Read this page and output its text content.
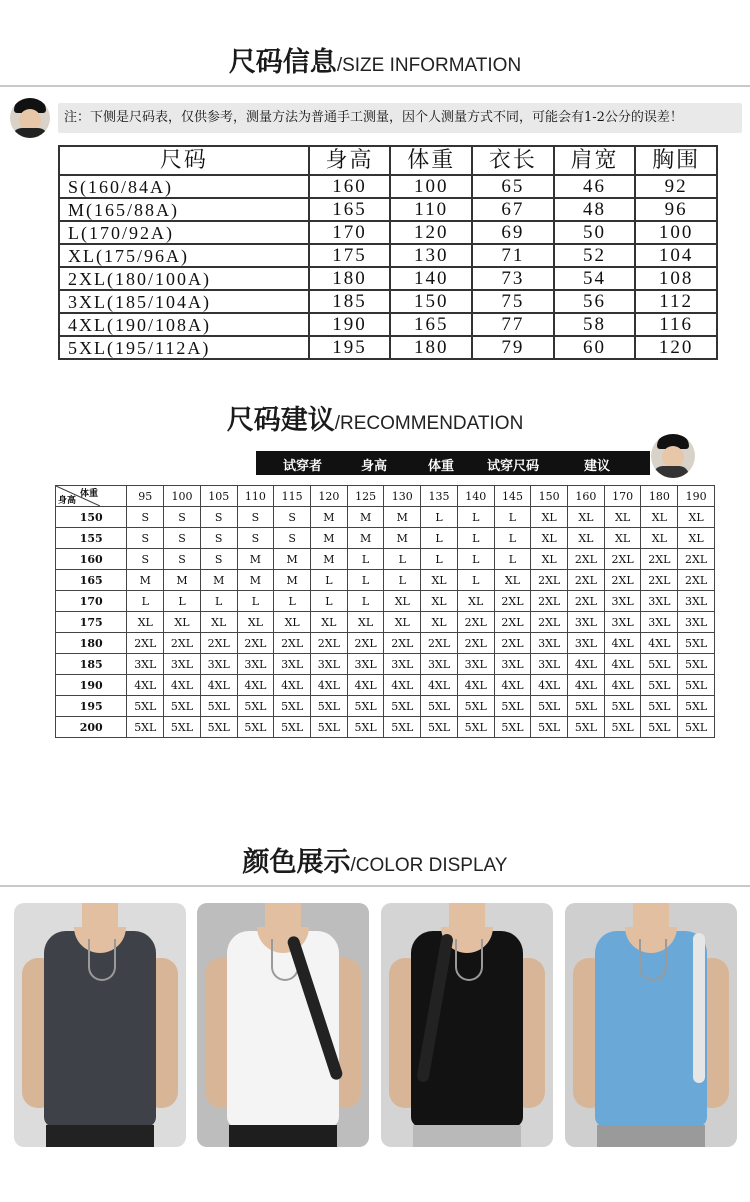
尺码信息/SIZE INFORMATION
注：下侧是尺码表，仅供参考，测量方法为普通手工测量，因个人测量方式不同，可能会有1-2公分的误差！
尺码	身高	体重	衣长	肩宽	胸围
S(160/84A)	160	100	65	46	92
M(165/88A)	165	110	67	48	96
L(170/92A)	170	120	69	50	100
XL(175/96A)	175	130	71	52	104
2XL(180/100A)	180	140	73	54	108
3XL(185/104A)	185	150	75	56	112
4XL(190/108A)	190	165	77	58	116
5XL(195/112A)	195	180	79	60	120
尺码建议/RECOMMENDATION
试穿者	身高	体重	试穿尺码	建议
体重
身高	95	100	105	110	115	120	125	130	135	140	145	150	160	170	180	190
150	S	S	S	S	S	M	M	M	L	L	L	XL	XL	XL	XL	XL
155	S	S	S	S	S	M	M	M	L	L	L	XL	XL	XL	XL	XL
160	S	S	S	M	M	M	L	L	L	L	L	XL	2XL	2XL	2XL	2XL
165	M	M	M	M	M	L	L	L	XL	L	XL	2XL	2XL	2XL	2XL	2XL
170	L	L	L	L	L	L	L	XL	XL	XL	2XL	2XL	2XL	3XL	3XL	3XL
175	XL	XL	XL	XL	XL	XL	XL	XL	XL	2XL	2XL	2XL	3XL	3XL	3XL	3XL
180	2XL	2XL	2XL	2XL	2XL	2XL	2XL	2XL	2XL	2XL	2XL	3XL	3XL	4XL	4XL	5XL
185	3XL	3XL	3XL	3XL	3XL	3XL	3XL	3XL	3XL	3XL	3XL	3XL	4XL	4XL	5XL	5XL
190	4XL	4XL	4XL	4XL	4XL	4XL	4XL	4XL	4XL	4XL	4XL	4XL	4XL	4XL	5XL	5XL
195	5XL	5XL	5XL	5XL	5XL	5XL	5XL	5XL	5XL	5XL	5XL	5XL	5XL	5XL	5XL	5XL
200	5XL	5XL	5XL	5XL	5XL	5XL	5XL	5XL	5XL	5XL	5XL	5XL	5XL	5XL	5XL	5XL
颜色展示/COLOR DISPLAY
